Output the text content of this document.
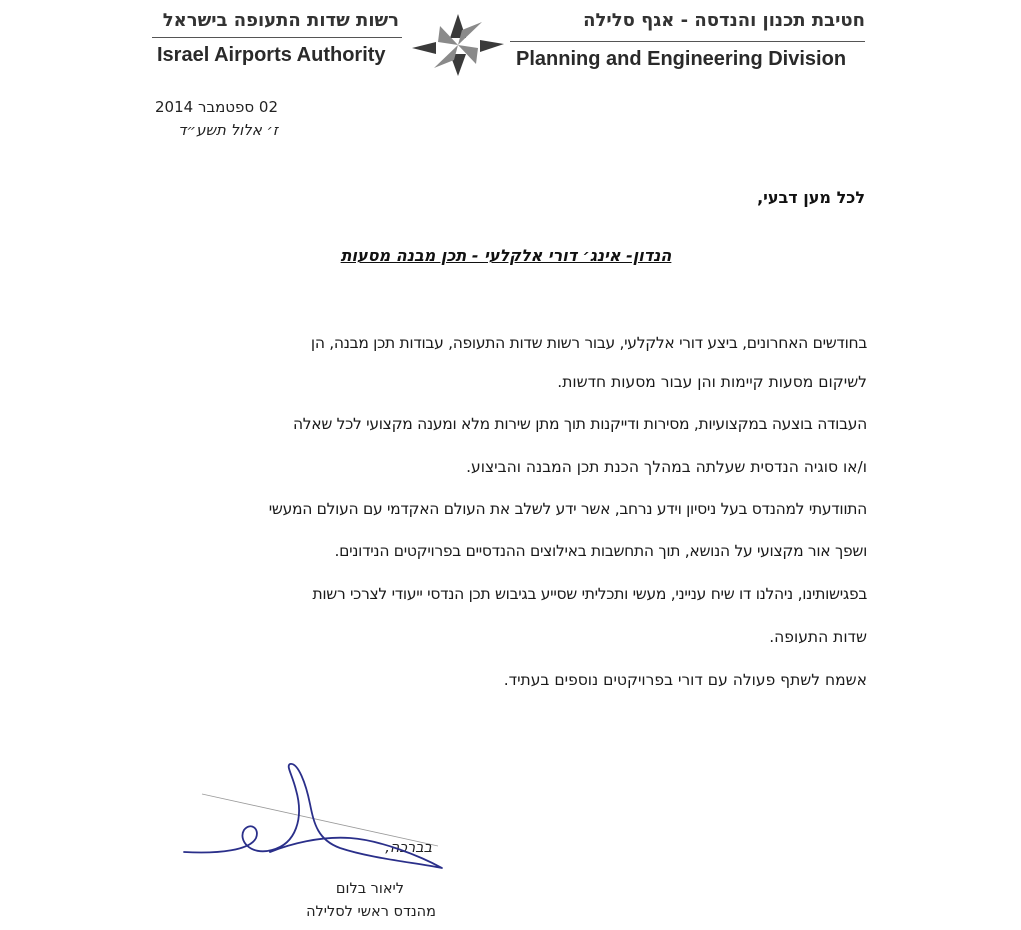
רשות שדות התעופה בישראל
Israel Airports Authority
חטיבת תכנון והנדסה - אגף סלילה
Planning and Engineering Division
02 ספטמבר 2014
ז׳ אלול תשע״ד
לכל מען דבעי,
הנדון- אינג׳ דורי אלקלעי - תכן מבנה מסעות
בחודשים האחרונים, ביצע דורי אלקלעי, עבור רשות שדות התעופה, עבודות תכן מבנה, הן
לשיקום מסעות קיימות והן עבור מסעות חדשות.
העבודה בוצעה במקצועיות, מסירות ודייקנות תוך מתן שירות מלא ומענה מקצועי לכל שאלה
ו/או סוגיה הנדסית שעלתה במהלך הכנת תכן המבנה והביצוע.
התוודעתי למהנדס בעל ניסיון וידע נרחב, אשר ידע לשלב את העולם האקדמי עם העולם המעשי
ושפך אור מקצועי על הנושא, תוך התחשבות באילוצים ההנדסיים בפרויקטים הנידונים.
בפגישותינו, ניהלנו דו שיח ענייני, מעשי ותכליתי שסייע בגיבוש תכן הנדסי ייעודי לצרכי רשות
שדות התעופה.
אשמח לשתף פעולה עם דורי בפרויקטים נוספים בעתיד.
בברכה,
ליאור בלום
מהנדס ראשי לסלילה
